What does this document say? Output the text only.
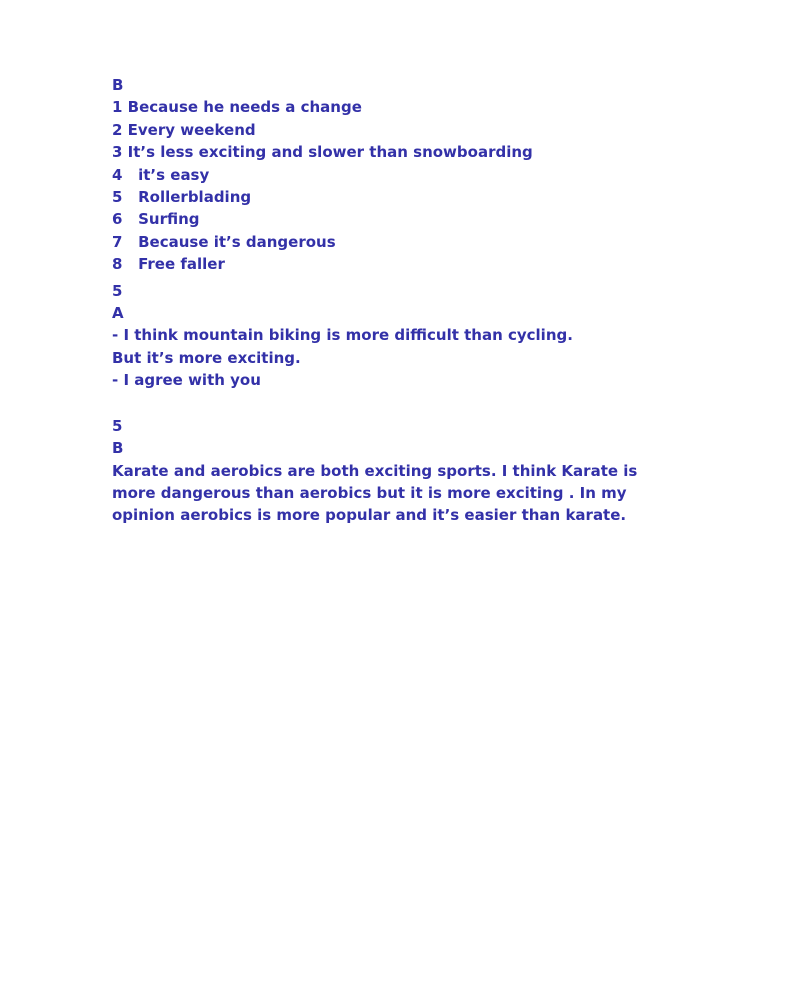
B
1 Because he needs a change
2 Every weekend
3 It’s less exciting and slower than snowboarding
4   it’s easy
5   Rollerblading
6   Surfing
7   Because it’s dangerous
8   Free faller
5
A
- I think mountain biking is more difficult than cycling.
But it’s more exciting.
- I agree with you
5
B
Karate and aerobics are both exciting sports. I think Karate is
more dangerous than aerobics but it is more exciting . In my
opinion aerobics is more popular and it’s easier than karate.
